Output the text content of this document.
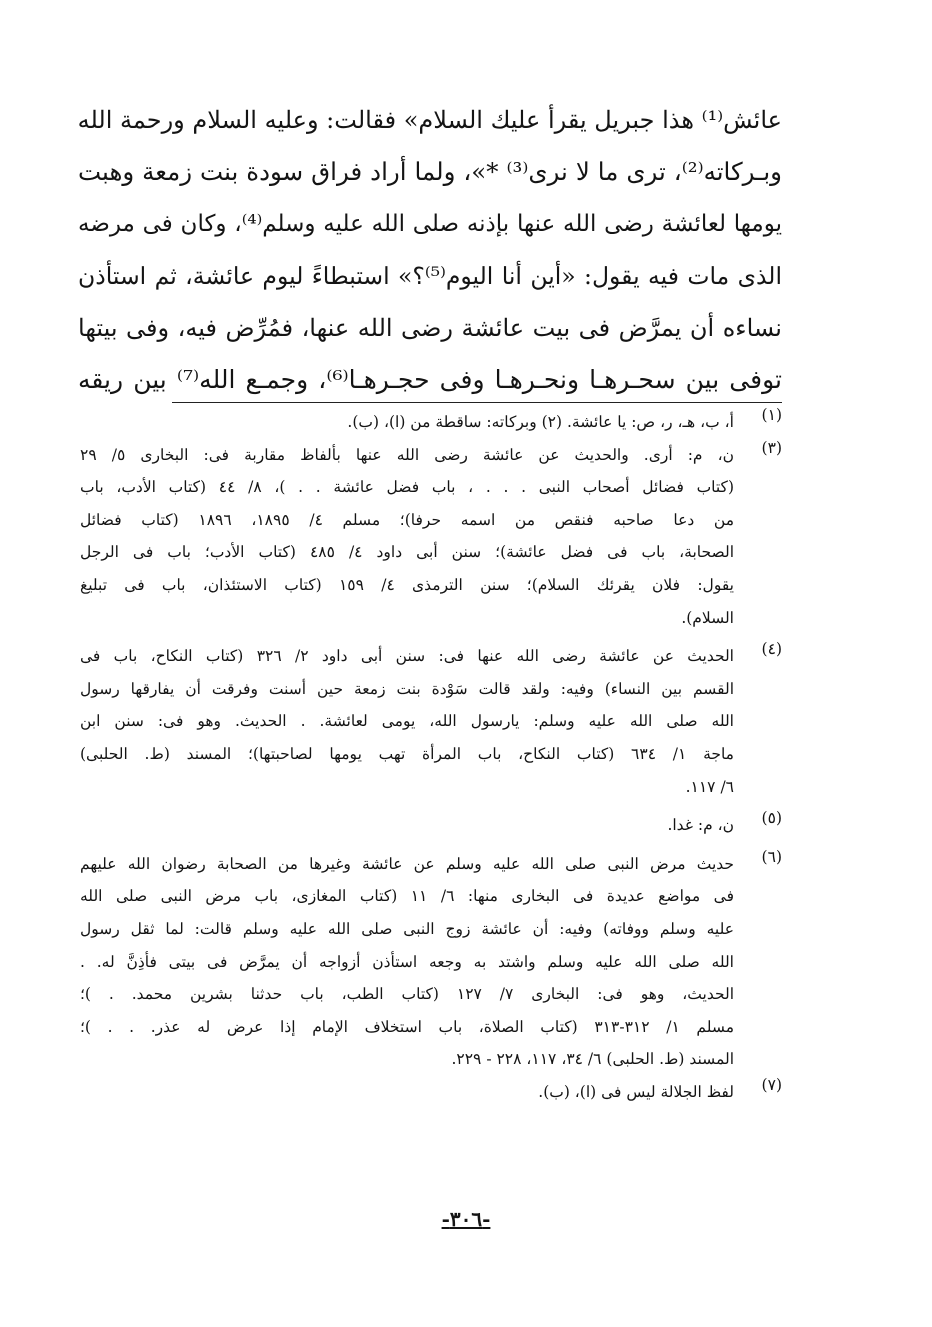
عائش⁽¹⁾ هذا جبريل يقرأ عليك السلام» فقالت: وعليه السلام ورحمة الله
وبـركاته⁽²⁾، ترى ما لا نرى⁽³⁾ *»، ولما أراد فراق سودة بنت زمعة وهبت
يومها لعائشة رضى الله عنها بإذنه صلى الله عليه وسلم⁽⁴⁾، وكان فى مرضه
الذى مات فيه يقول: «أين أنا اليوم⁽⁵⁾؟» استبطاءً ليوم عائشة، ثم استأذن
نساءه أن يمرَّض فى بيت عائشة رضى الله عنها، فمُرِّض فيه، وفى بيتها
توفى بين سحـرهـا ونحـرهـا وفى حجـرهـا⁽⁶⁾، وجمـع الله⁽⁷⁾ بين ريقه
(١)
أ، ب، هـ، ر، ص: يا عائشة. (٢) وبركاته: ساقطة من (ا)، (ب).
(٣)
ن، م: أرى. والحديث عن عائشة رضى الله عنها بألفاظ مقاربة فى: البخارى ٥/ ٢٩
(كتاب فضائل أصحاب النبى . . . ، باب فضل عائشة . . )، ٨/ ٤٤ (كتاب الأدب، باب
من دعا صاحبه فنقص من اسمه حرفا)؛ مسلم ٤/ ١٨٩٥، ١٨٩٦ (كتاب فضائل
الصحابة، باب فى فضل عائشة)؛ سنن أبى داود ٤/ ٤٨٥ (كتاب الأدب؛ باب فى الرجل
يقول: فلان يقرئك السلام)؛ سنن الترمذى ٤/ ١٥٩ (كتاب الاستئذان، باب فى تبليغ
السلام).
(٤)
الحديث عن عائشة رضى الله عنها فى: سنن أبى داود ٢/ ٣٢٦ (كتاب النكاح، باب فى
القسم بين النساء) وفيه: ولقد قالت سَوْدة بنت زمعة حين أسنت وفرقت أن يفارقها رسول
الله صلى الله عليه وسلم: يارسول الله، يومى لعائشة. . الحديث. وهو فى: سنن ابن
ماجة ١/ ٦٣٤ (كتاب النكاح، باب المرأة تهب يومها لصاحبتها)؛ المسند (ط. الحلبى)
٦/ ١١٧.
(٥)
ن، م: غدا.
(٦)
حديث مرض النبى صلى الله عليه وسلم عن عائشة وغيرها من الصحابة رضوان الله عليهم
فى مواضع عديدة فى البخارى منها: ٦/ ١١ (كتاب المغازى، باب مرض النبى صلى الله
عليه وسلم ووفاته) وفيه: أن عائشة زوج النبى صلى الله عليه وسلم قالت: لما ثقل رسول
الله صلى الله عليه وسلم واشتد به وجعه استأذن أزواجه أن يمرَّض فى بيتى فأذِنَّ له. .
الحديث، وهو فى: البخارى ٧/ ١٢٧ (كتاب الطب، باب حدثنا بشرين محمد. . )؛
مسلم ١/ ٣١٢-٣١٣ (كتاب الصلاة، باب استخلاف الإمام إذا عرض له عذر. . . )؛
المسند (ط. الحلبى) ٦/ ٣٤، ١١٧، ٢٢٨ - ٢٢٩.
(٧)
لفظ الجلالة ليس فى (ا)، (ب).
-٣٠٦-
